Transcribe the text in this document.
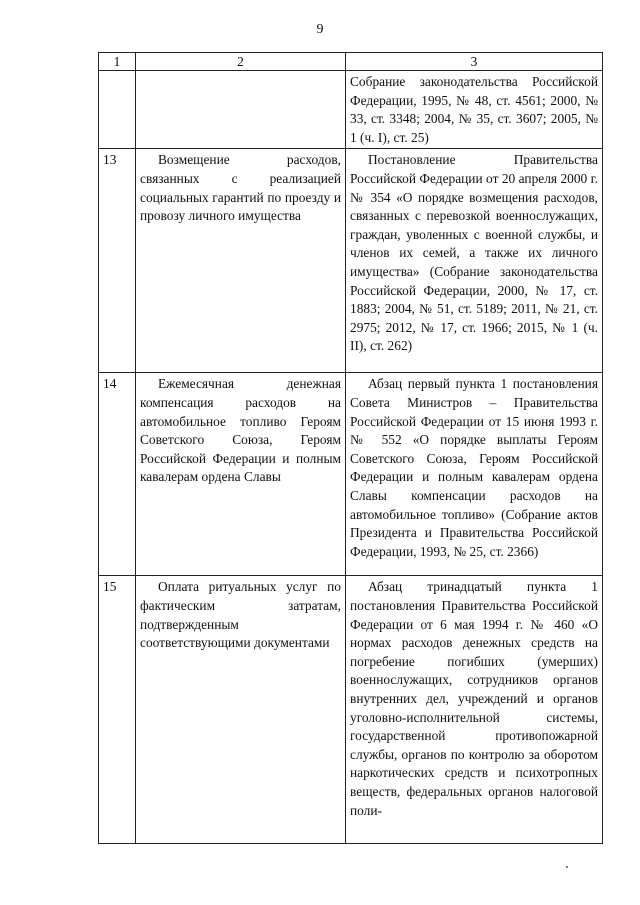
9
1	2	3
		Собрание законодательства Российской Федерации, 1995, № 48, ст. 4561; 2000, № 33, ст. 3348; 2004, № 35, ст. 3607; 2005, № 1 (ч. I), ст. 25)
13	Возмещение расходов, связанных с реализацией социальных гарантий по проезду и провозу личного имущества	Постановление Правительства Российской Федерации от 20 апреля 2000 г. № 354 «О порядке возмещения расходов, связанных с перевозкой военнослужащих, граждан, уволенных с военной службы, и членов их семей, а также их личного имущества» (Собрание законодательства Российской Федерации, 2000, № 17, ст. 1883; 2004, № 51, ст. 5189; 2011, № 21, ст. 2975; 2012, № 17, ст. 1966; 2015, № 1 (ч. II), ст. 262)
14	Ежемесячная денежная компенсация расходов на автомобильное топливо Героям Советского Союза, Героям Российской Федерации и полным кавалерам ордена Славы	Абзац первый пункта 1 постановления Совета Министров – Правительства Российской Федерации от 15 июня 1993 г. № 552 «О порядке выплаты Героям Советского Союза, Героям Российской Федерации и полным кавалерам ордена Славы компенсации расходов на автомобильное топливо» (Собрание актов Президента и Правительства Российской Федерации, 1993, № 25, ст. 2366)
15	Оплата ритуальных услуг по фактическим затратам, подтвержденным соответствующими документами	Абзац тринадцатый пункта 1 постановления Правительства Российской Федерации от 6 мая 1994 г. № 460 «О нормах расходов денежных средств на погребение погибших (умерших) военнослужащих, сотрудников органов внутренних дел, учреждений и органов уголовно-исполнительной системы, государственной противопожарной службы, органов по контролю за оборотом наркотических средств и психотропных веществ, федеральных органов налоговой поли-
